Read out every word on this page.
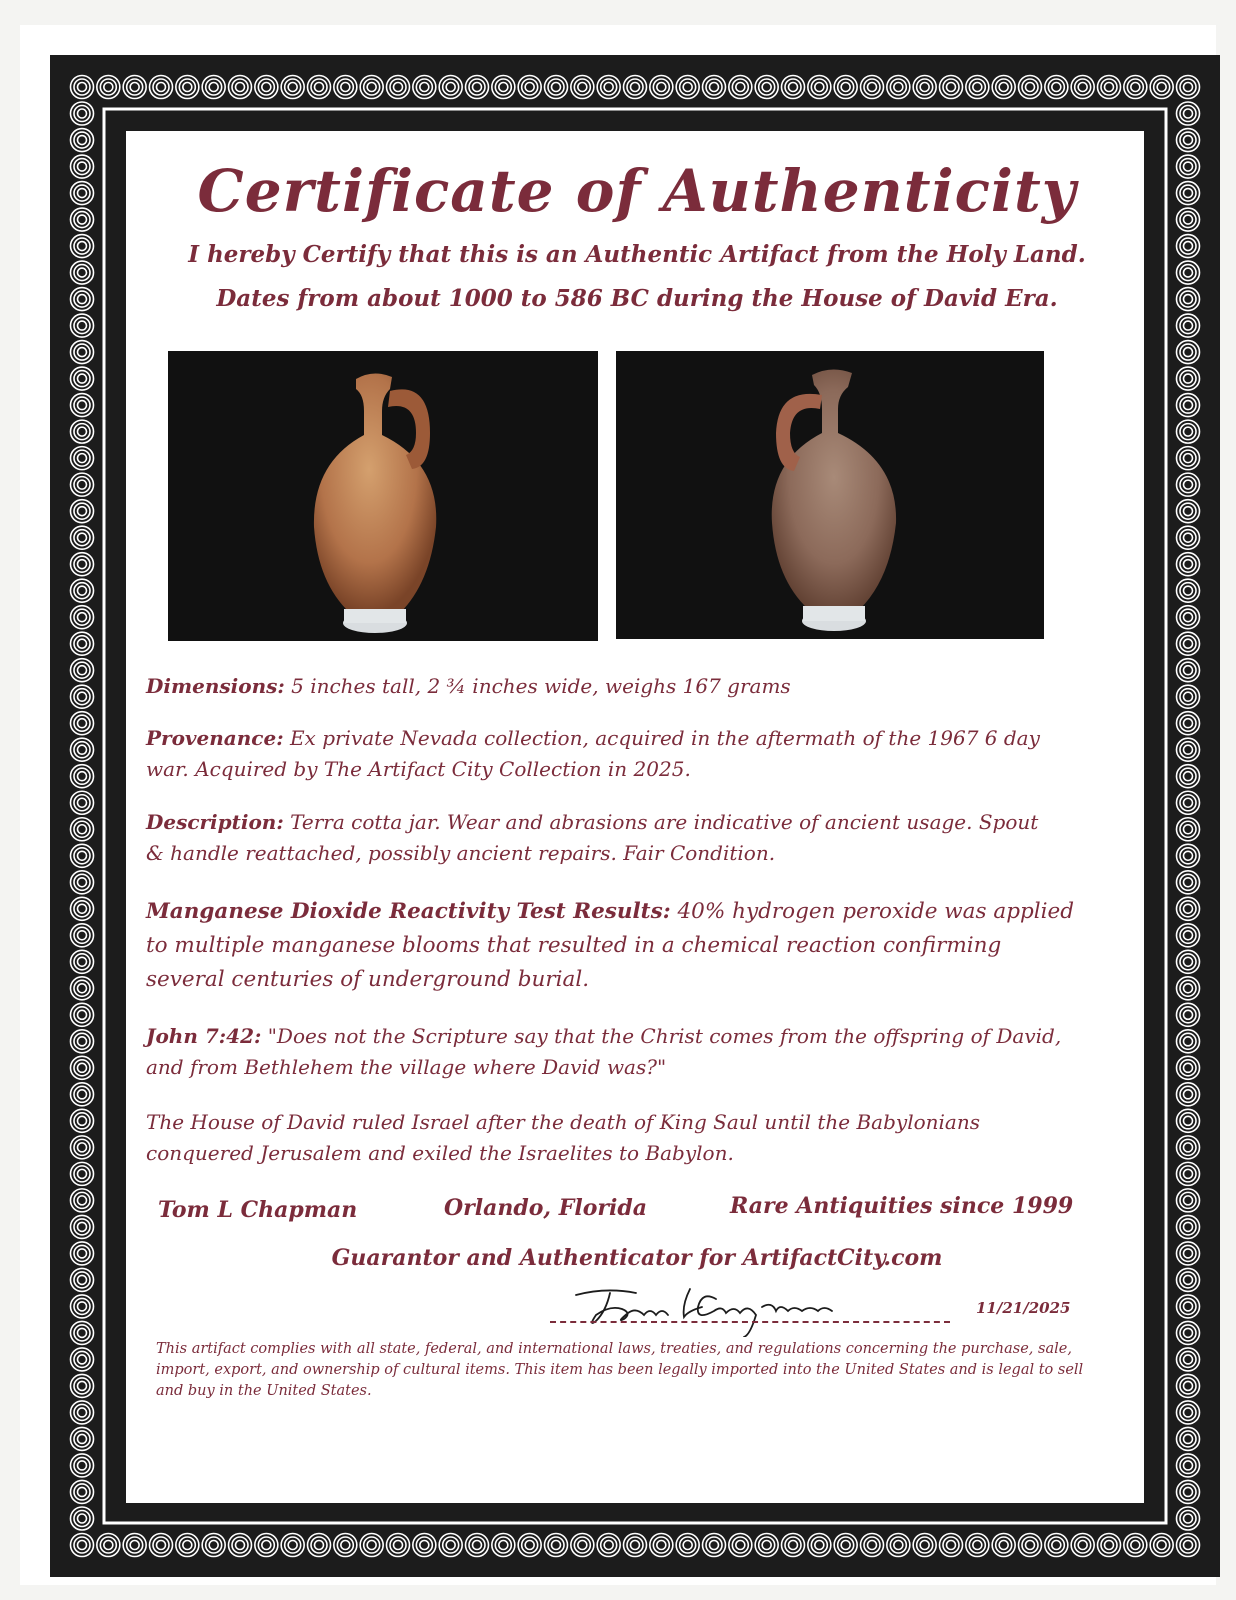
Certificate of Authenticity
I hereby Certify that this is an Authentic Artifact from the Holy Land.
Dates from about 1000 to 586 BC during the House of David Era.
Dimensions: 5 inches tall, 2 ¾ inches wide, weighs 167 grams
Provenance: Ex private Nevada collection, acquired in the aftermath of the 1967 6 day war. Acquired by The Artifact City Collection in 2025.
Description: Terra cotta jar. Wear and abrasions are indicative of ancient usage. Spout & handle reattached, possibly ancient repairs. Fair Condition.
Manganese Dioxide Reactivity Test Results: 40% hydrogen peroxide was applied to multiple manganese blooms that resulted in a chemical reaction confirming several centuries of underground burial.
John 7:42: "Does not the Scripture say that the Christ comes from the offspring of David, and from Bethlehem the village where David was?"
The House of David ruled Israel after the death of King Saul until the Babylonians conquered Jerusalem and exiled the Israelites to Babylon.
Tom L Chapman	Orlando, Florida	Rare Antiquities since 1999
Guarantor and Authenticator for ArtifactCity.com
11/21/2025
This artifact complies with all state, federal, and international laws, treaties, and regulations concerning the purchase, sale, import, export, and ownership of cultural items. This item has been legally imported into the United States and is legal to sell and buy in the United States.
